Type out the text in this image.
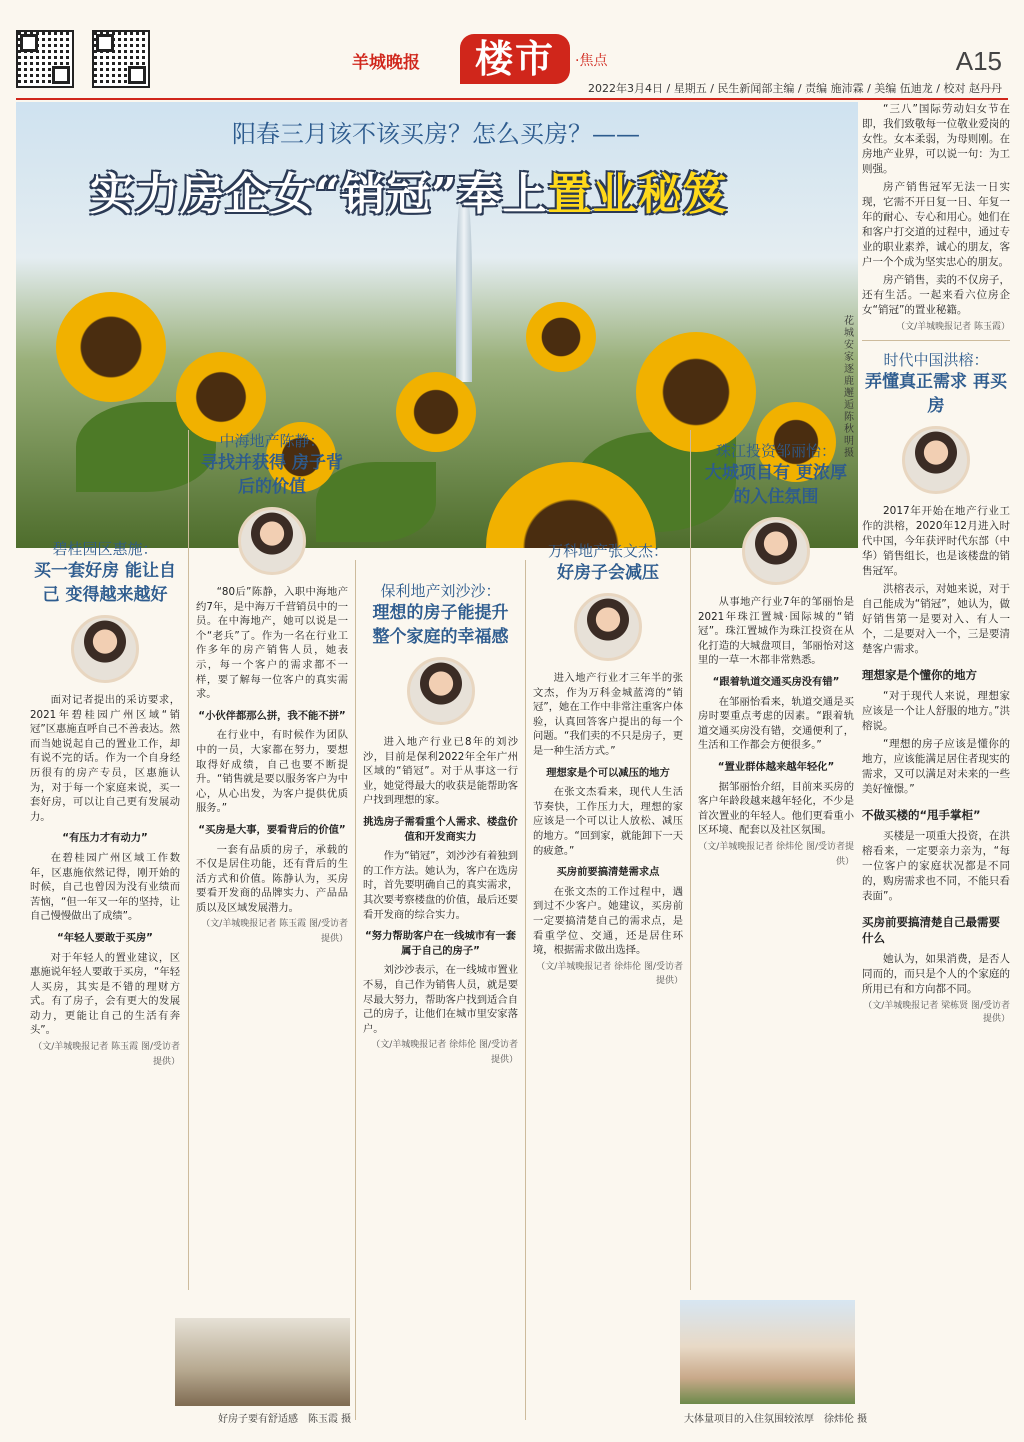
羊城晚报	楼市	·焦点	A15
2022年3月4日 / 星期五 / 民生新闻部主编 / 责编 施沛霖 / 美编 伍迪龙 / 校对 赵丹丹
阳春三月该不该买房？怎么买房？——
实力房企女“销冠”奉上置业秘笈
花城安家逐鹿邂逅 陈秋明 摄

“三八”国际劳动妇女节在即，我们致敬每一位敬业爱岗的女性。女本柔弱，为母则刚。在房地产业界，可以说一句：为工则强。

房产销售冠军无法一日实现，它需不开日复一日、年复一年的耐心、专心和用心。她们在和客户打交道的过程中，通过专业的职业素养，诚心的朋友，客户一个个成为坚实忠心的朋友。

房产销售，卖的不仅房子，还有生活。一起来看六位房企女“销冠”的置业秘籍。

（文/羊城晚报记者 陈玉霞）

时代中国洪榕：
弄懂真正需求 再买房

2017年开始在地产行业工作的洪榕，2020年12月进入时代中国，今年获评时代东部（中华）销售组长，也是该楼盘的销售冠军。

洪榕表示，对她来说，对于自己能成为“销冠”，她认为，做好销售第一是要对入、有人一个，二是要对入一个，三是要清楚客户需求。

理想家是个懂你的地方

“对于现代人来说，理想家应该是一个让人舒服的地方。”洪榕说。

“理想的房子应该是懂你的地方，应该能满足居住者现实的需求，又可以满足对未来的一些美好憧憬。”

不做买楼的“甩手掌柜”

买楼是一项重大投资，在洪榕看来，一定要亲力亲为，“每一位客户的家庭状况都是不同的，购房需求也不同，不能只看表面”。

买房前要搞清楚自己最需要什么

她认为，如果消费，是否人同而的，而只是个人的个家庭的所用已有和方向都不同。

（文/羊城晚报记者 梁栋贤 图/受访者提供）

碧桂园区惠施：
买一套好房 能让自己 变得越来越好

面对记者提出的采访要求，2021年碧桂园广州区域“销冠”区惠施直呼自己不善表达。然而当她说起自己的置业工作，却有说不完的话。作为一个自身经历很有的房产专员，区惠施认为，对于每一个家庭来说，买一套好房，可以让自己更有发展动力。

“有压力才有动力”

在碧桂园广州区域工作数年，区惠施依然记得，刚开始的时候，自己也曾因为没有业绩而苦恼，“但一年又一年的坚持，让自己慢慢做出了成绩”。

“年轻人要敢于买房”

对于年轻人的置业建议，区惠施说年轻人要敢于买房，“年轻人买房，其实是不错的理财方式。有了房子，会有更大的发展动力，更能让自己的生活有奔头”。

（文/羊城晚报记者 陈玉霞 图/受访者提供）

中海地产陈静：
寻找并获得 房子背后的价值

“80后”陈静，入职中海地产约7年，是中海万千营销员中的一员。在中海地产，她可以说是一个“老兵”了。作为一名在行业工作多年的房产销售人员，她表示，每一个客户的需求都不一样，要了解每一位客户的真实需求。

“小伙伴都那么拼，我不能不拼”

在行业中，有时候作为团队中的一员，大家都在努力，要想取得好成绩，自己也要不断提升。“销售就是要以服务客户为中心，从心出发，为客户提供优质服务。”

“买房是大事，要看背后的价值”

一套有品质的房子，承载的不仅是居住功能，还有背后的生活方式和价值。陈静认为，买房要看开发商的品牌实力、产品品质以及区域发展潜力。

（文/羊城晚报记者 陈玉霞 图/受访者提供）

保利地产刘沙沙：
理想的房子能提升 整个家庭的幸福感

进入地产行业已8年的刘沙沙，目前是保利2022年全年广州区域的“销冠”。对于从事这一行业，她觉得最大的收获是能帮助客户找到理想的家。

挑选房子需看重个人需求、楼盘价值和开发商实力

作为“销冠”，刘沙沙有着独到的工作方法。她认为，客户在选房时，首先要明确自己的真实需求，其次要考察楼盘的价值，最后还要看开发商的综合实力。

“努力帮助客户在一线城市有一套属于自己的房子”

刘沙沙表示，在一线城市置业不易，自己作为销售人员，就是要尽最大努力，帮助客户找到适合自己的房子，让他们在城市里安家落户。

（文/羊城晚报记者 徐炜伦 图/受访者提供）

万科地产张文杰：
好房子会减压

进入地产行业才三年半的张文杰，作为万科金城蓝湾的“销冠”，她在工作中非常注重客户体验，认真回答客户提出的每一个问题。“我们卖的不只是房子，更是一种生活方式。”

理想家是个可以减压的地方

在张文杰看来，现代人生活节奏快，工作压力大，理想的家应该是一个可以让人放松、减压的地方。“回到家，就能卸下一天的疲惫。”

买房前要搞清楚需求点

在张文杰的工作过程中，遇到过不少客户。她建议，买房前一定要搞清楚自己的需求点，是看重学位、交通，还是居住环境，根据需求做出选择。

（文/羊城晚报记者 徐炜伦 图/受访者提供）

珠江投资邹丽怡：
大城项目有 更浓厚的入住氛围

从事地产行业7年的邹丽怡是2021年珠江置城·国际城的“销冠”。珠江置城作为珠江投资在从化打造的大城盘项目，邹丽怡对这里的一草一木都非常熟悉。

“跟着轨道交通买房没有错”

在邹丽怡看来，轨道交通是买房时要重点考虑的因素。“跟着轨道交通买房没有错，交通便利了，生活和工作都会方便很多。”

“置业群体越来越年轻化”

据邹丽怡介绍，目前来买房的客户年龄段越来越年轻化，不少是首次置业的年轻人。他们更看重小区环境、配套以及社区氛围。

（文/羊城晚报记者 徐炜伦 图/受访者提供）

好房子要有舒适感　陈玉霞 摄	大体量项目的入住氛围较浓厚　徐炜伦 摄
